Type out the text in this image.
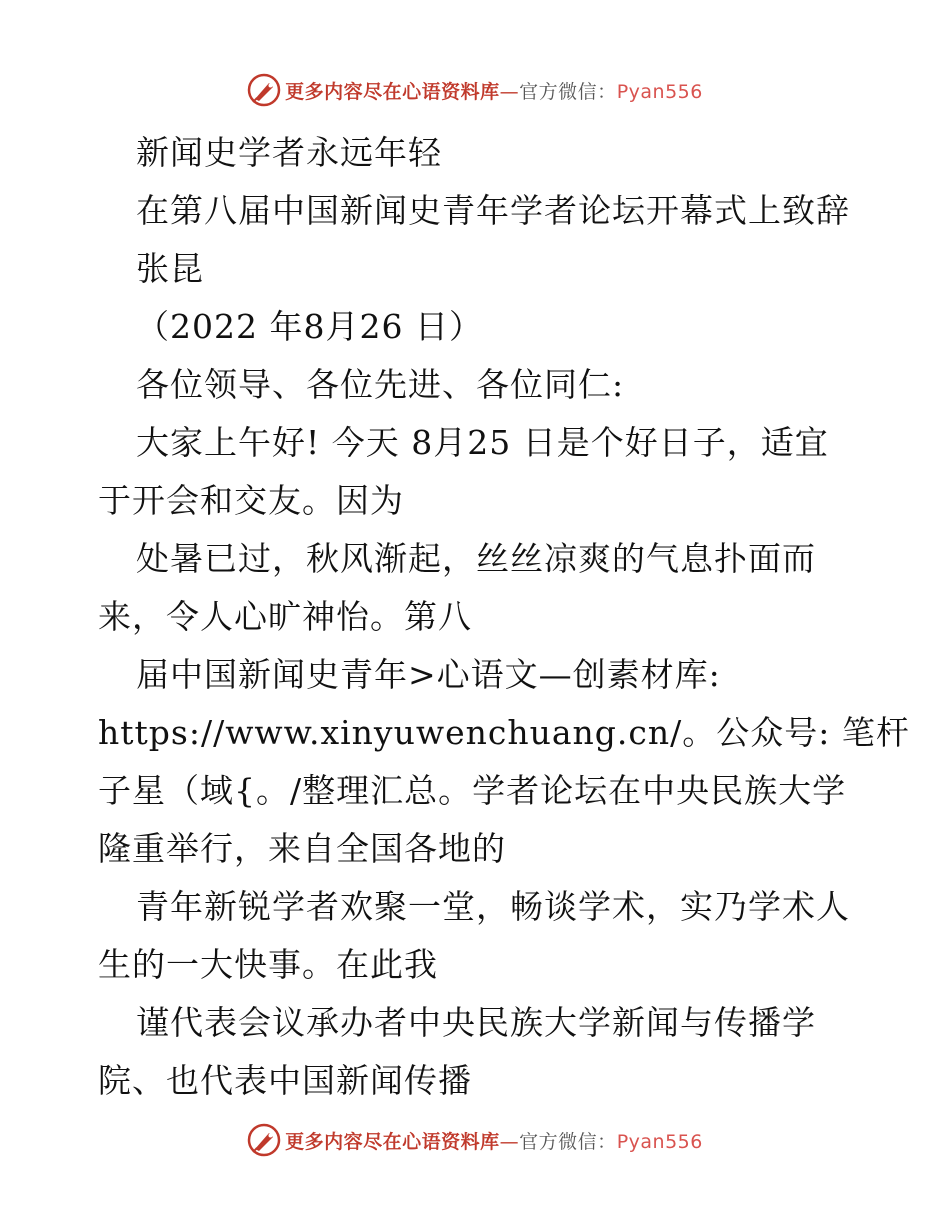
更多内容尽在心语资料库—官方微信：Pyan556
新闻史学者永远年轻
在第八届中国新闻史青年学者论坛开幕式上致辞
张昆
（2022 年8月26 日）
各位领导、各位先进、各位同仁:
大家上午好! 今天 8月25 日是个好日子，适宜
于开会和交友。因为
处暑已过，秋风渐起，丝丝凉爽的气息扑面而
来，令人心旷神怡。第八
届中国新闻史青年>心语文—创素材库:
https://www.xinyuwenchuang.cn/。公众号: 笔杆
子星（域{。/整理汇总。学者论坛在中央民族大学
隆重举行，来自全国各地的
青年新锐学者欢聚一堂，畅谈学术，实乃学术人
生的一大快事。在此我
谨代表会议承办者中央民族大学新闻与传播学
院、也代表中国新闻传播
更多内容尽在心语资料库—官方微信：Pyan556
